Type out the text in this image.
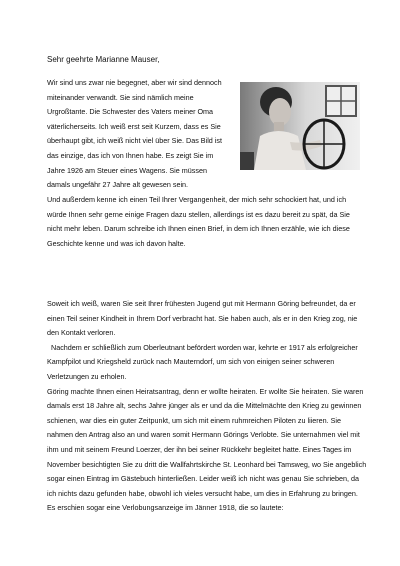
Sehr geehrte Marianne Mauser,

Wir sind uns zwar nie begegnet, aber wir sind dennoch miteinander verwandt. Sie sind nämlich meine Urgroßtante. Die Schwester des Vaters meiner Oma väterlicherseits. Ich weiß erst seit Kurzem, dass es Sie überhaupt gibt, ich weiß nicht viel über Sie. Das Bild ist das einzige, das ich von Ihnen habe. Es zeigt Sie im Jahre 1926 am Steuer eines Wagens. Sie müssen damals ungefähr 27 Jahre alt gewesen sein.

Und außerdem kenne ich einen Teil Ihrer Vergangenheit, der mich sehr schockiert hat, und ich würde Ihnen sehr gerne einige Fragen dazu stellen, allerdings ist es dazu bereit zu spät, da Sie nicht mehr leben. Darum schreibe ich Ihnen einen Brief, in dem ich Ihnen erzähle, wie ich diese Geschichte kenne und was ich davon halte.

Soweit ich weiß, waren Sie seit Ihrer frühesten Jugend gut mit Hermann Göring befreundet, da er einen Teil seiner Kindheit in Ihrem Dorf verbracht hat. Sie haben auch, als er in den Krieg zog, nie den Kontakt verloren.

Nachdem er schließlich zum Oberleutnant befördert worden war, kehrte er 1917 als erfolgreicher Kampfpilot und Kriegsheld zurück nach Mauterndorf, um sich von einigen seiner schweren Verletzungen zu erholen.

Göring machte Ihnen einen Heiratsantrag, denn er wollte heiraten. Er wollte Sie heiraten. Sie waren damals erst 18 Jahre alt, sechs Jahre jünger als er und da die Mittelmächte den Krieg zu gewinnen schienen, war dies ein guter Zeitpunkt, um sich mit einem ruhmreichen Piloten zu liieren. Sie nahmen den Antrag also an und waren somit Hermann Görings Verlobte. Sie unternahmen viel mit ihm und mit seinem Freund Loerzer, der ihn bei seiner Rückkehr begleitet hatte. Eines Tages im November besichtigten Sie zu dritt die Wallfahrtskirche St. Leonhard bei Tamsweg, wo Sie angeblich sogar einen Eintrag im Gästebuch hinterließen. Leider weiß ich nicht was genau Sie schrieben, da ich nichts dazu gefunden habe, obwohl ich vieles versucht habe, um dies in Erfahrung zu bringen.

Es erschien sogar eine Verlobungsanzeige im Jänner 1918, die so lautete:
